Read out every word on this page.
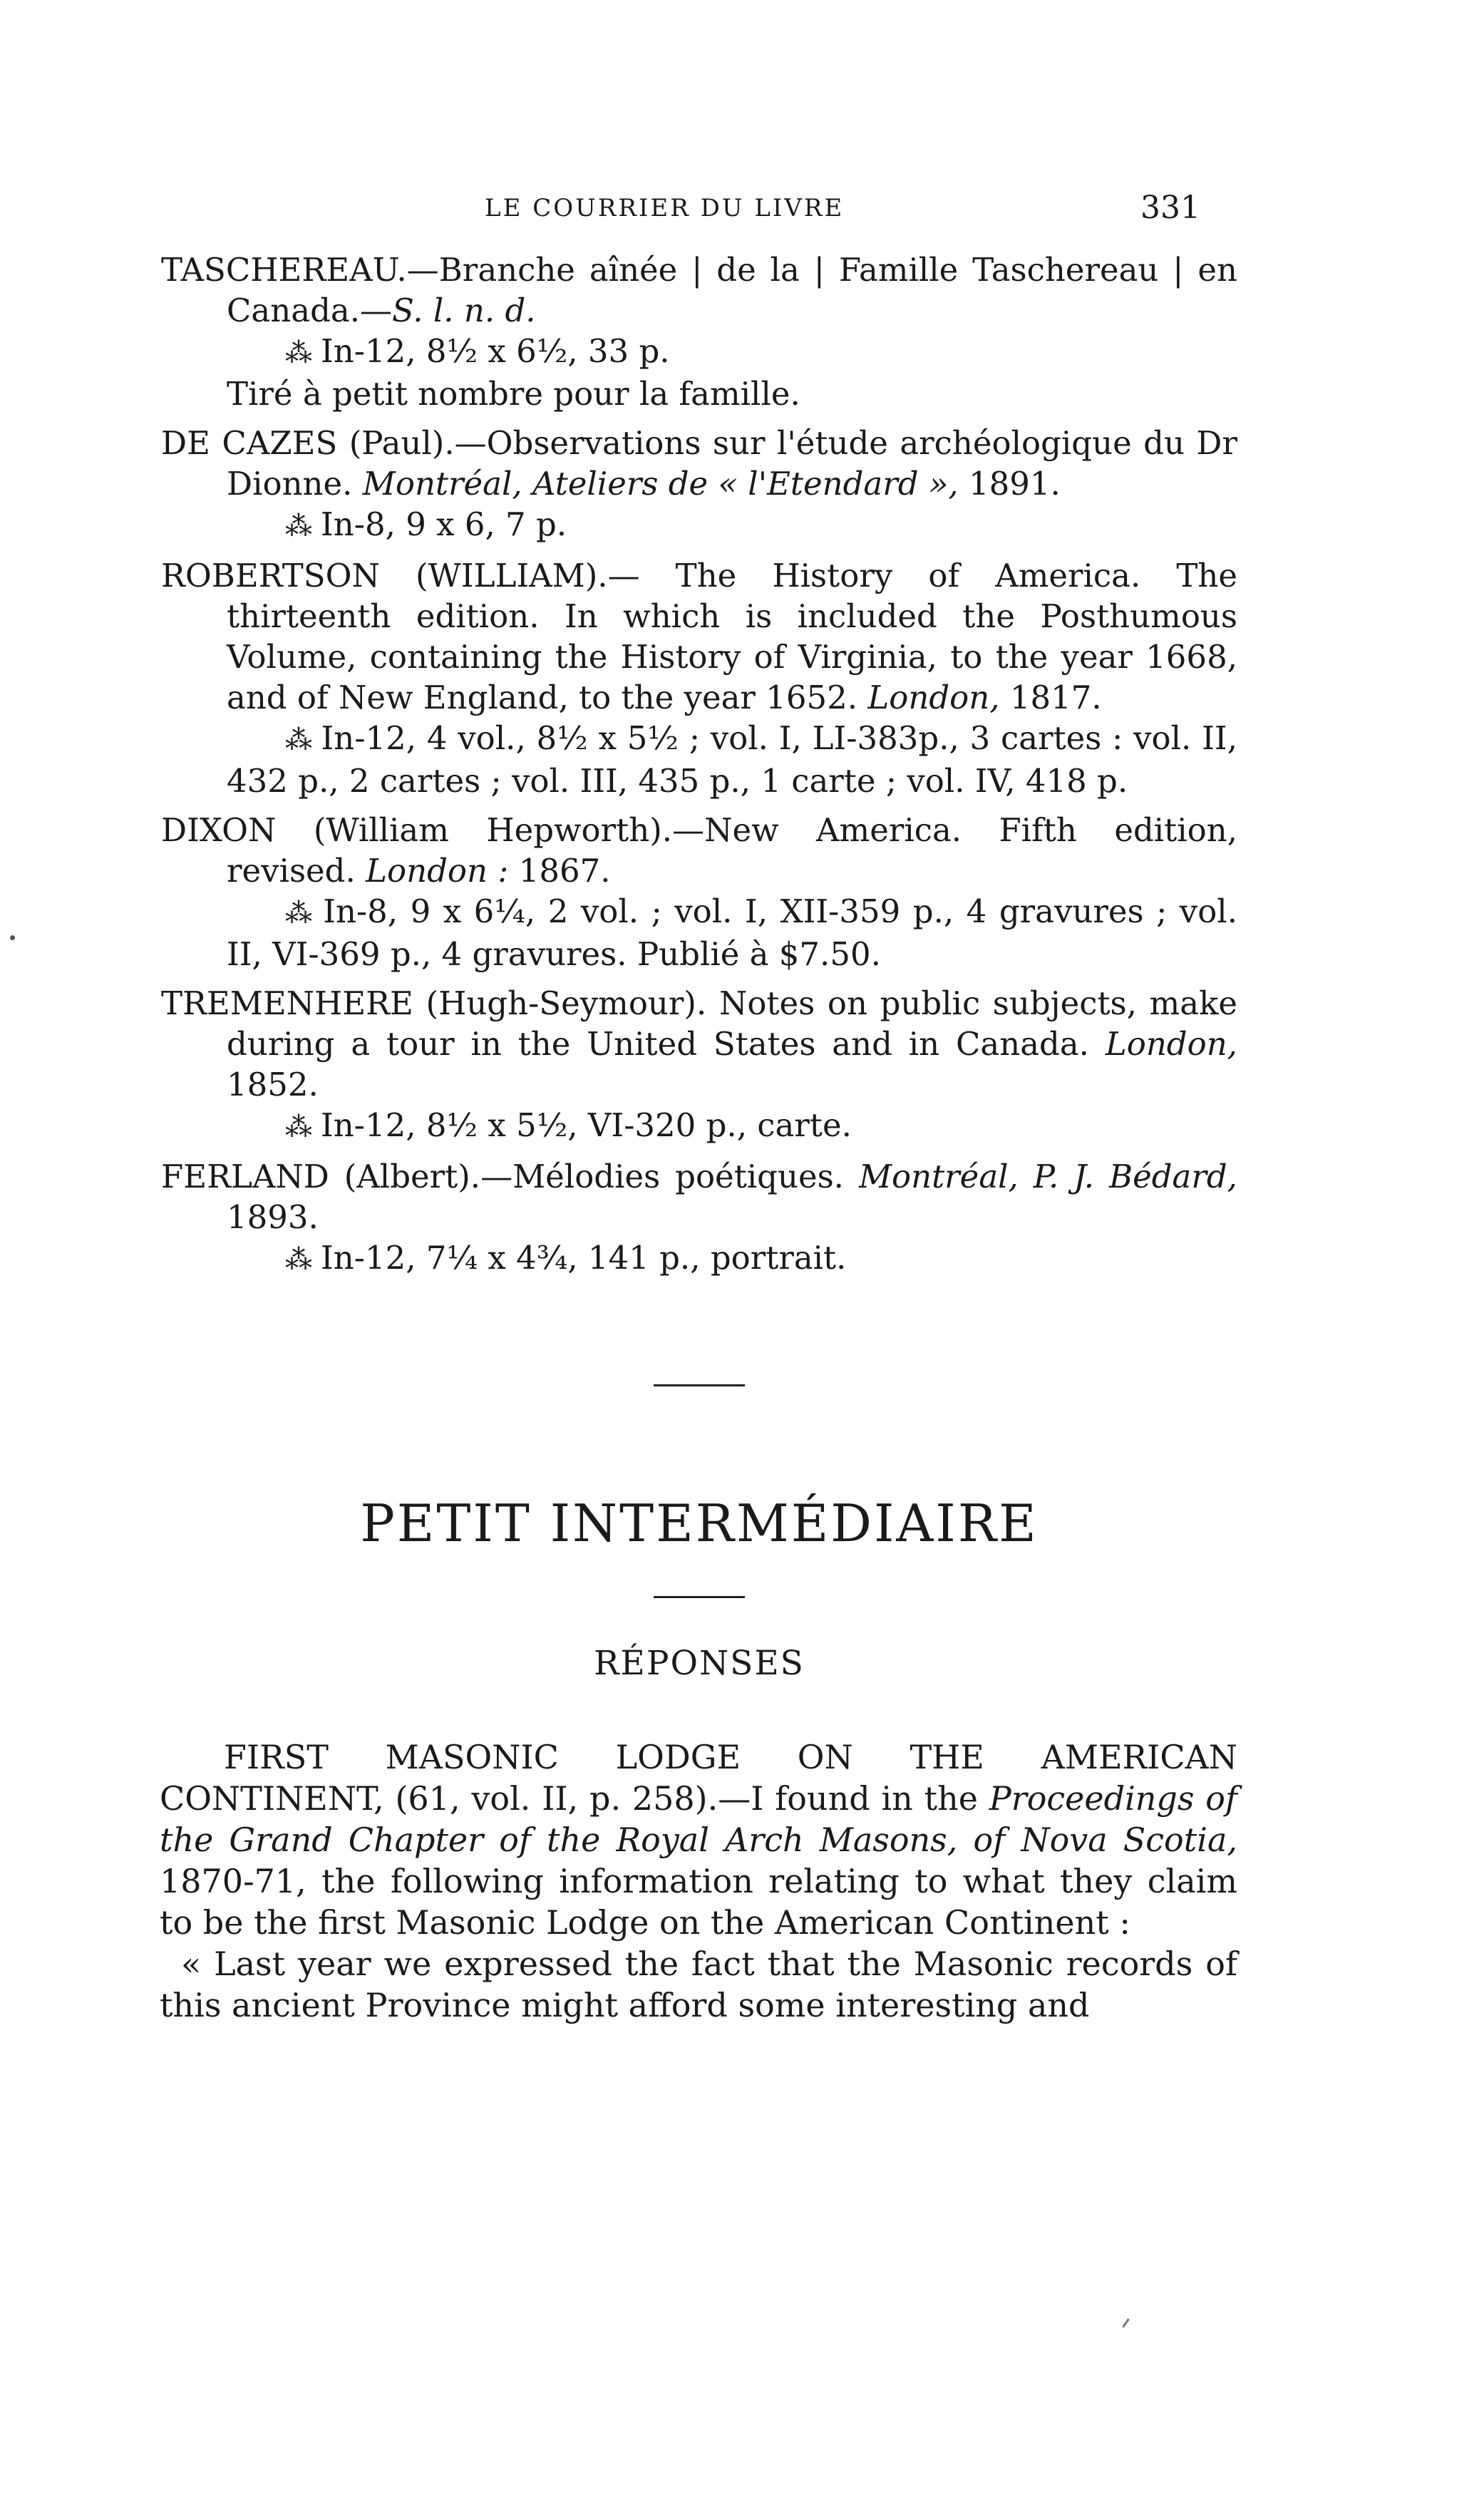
LE COURRIER DU LIVRE	331
TASCHEREAU.—Branche aînée | de la | Famille Taschereau | en Canada.—S. l. n. d.
⁂ In-12, 8½ x 6½, 33 p.
Tiré à petit nombre pour la famille.
DE CAZES (Paul).—Observations sur l'étude archéologique du Dr Dionne. Montréal, Ateliers de « l'Etendard », 1891.
⁂ In-8, 9 x 6, 7 p.
ROBERTSON (WILLIAM).— The History of America. The thirteenth edition. In which is included the Posthumous Volume, containing the History of Virginia, to the year 1668, and of New England, to the year 1652. London, 1817.
⁂ In-12, 4 vol., 8½ x 5½ ; vol. I, LI-383p., 3 cartes : vol. II, 432 p., 2 cartes ; vol. III, 435 p., 1 carte ; vol. IV, 418 p.
DIXON (William Hepworth).—New America. Fifth edition, revised. London : 1867.
⁂ In-8, 9 x 6¼, 2 vol. ; vol. I, XII-359 p., 4 gravures ; vol. II, VI-369 p., 4 gravures. Publié à $7.50.
TREMENHERE (Hugh-Seymour). Notes on public subjects, make during a tour in the United States and in Canada. London, 1852.
⁂ In-12, 8½ x 5½, VI-320 p., carte.
FERLAND (Albert).—Mélodies poétiques. Montréal, P. J. Bédard, 1893.
⁂ In-12, 7¼ x 4¾, 141 p., portrait.
PETIT INTERMÉDIAIRE
RÉPONSES

FIRST MASONIC LODGE ON THE AMERICAN CONTINENT, (61, vol. II, p. 258).—I found in the Proceedings of the Grand Chapter of the Royal Arch Masons, of Nova Scotia, 1870-71, the following information relating to what they claim to be the first Masonic Lodge on the American Continent :

« Last year we expressed the fact that the Masonic records of this ancient Province might afford some interesting and
